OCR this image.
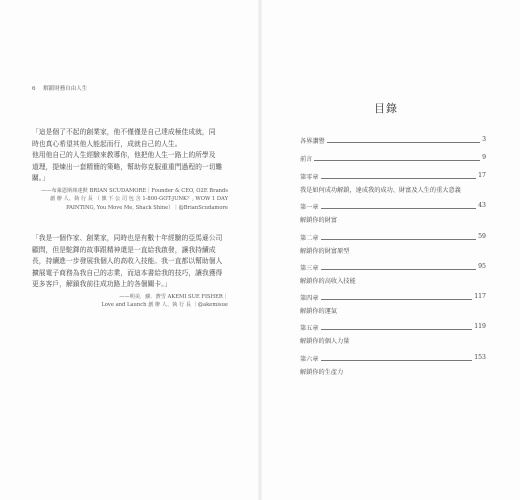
6 解鎖財務自由人生
「這是個了不起的創業家，他不僅僅是自己達成極佳成就，同
時也真心希望其他人能起而行，成就自己的人生。
他用他自己的人生經驗來教導你，他把他人生一路上的所學及
道理，提煉出一套精簡的策略，幫助你克服重重門過程的一切難
關。」
——布萊恩斯庫達默 BRIAN SCUDAMORE｜Founder & CEO, O2E Brands
創 辦 人、執 行 長 （ 旗 下 公 司 包 含 1-800-GOT-JUNK？, WOW 1 DAY
PAINTING, You Move Me, Shack Shine）｜@BrianScudamore
「我是一個作家、創業家，同時也是有數十年經驗的亞馬遜公司
顧問，但是駝鐸的故事跟精神還是一直給我啟發，讓我持續成
長，持續進一步發展我個人的高收入技能。我一直都以幫助個人
擴展電子商務為我自己的志業，而這本書給我的技巧，讓我獲得
更多客戶，解鎖我前往成功路上的各個關卡。」
——明美．蘇．費雪 AKEMI SUE FISHER｜
Love and Launch 創 辦 人、執 行 長 ｜@akemisue
目錄
各界讚譽	3
前言	9
第零章	17
我是如何成功解鎖，達成我的成功、財富及人生的重大意義
第一章	43
解鎖你的財富
第二章	59
解鎖你的財富原型
第三章	95
解鎖你的高收入技能
第四章	117
解鎖你的運氣
第五章	119
解鎖你的個人力量
第六章	153
解鎖你的生產力
